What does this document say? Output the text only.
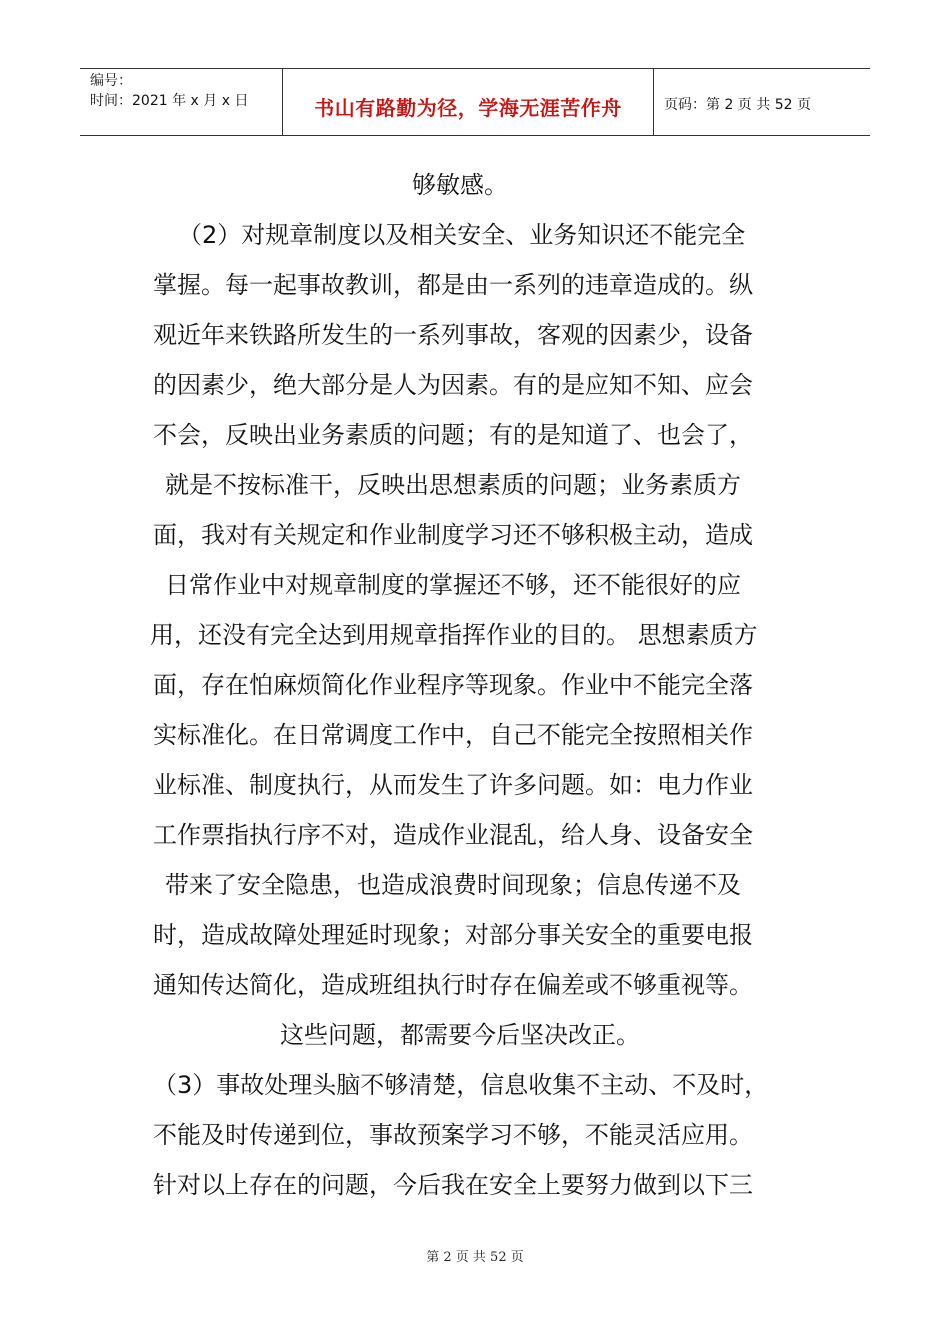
编号：
时间：2021 年 x 月 x 日	书山有路勤为径，学海无涯苦作舟	页码：第 2 页 共 52 页
够敏感。
（2）对规章制度以及相关安全、业务知识还不能完全
掌握。每一起事故教训，都是由一系列的违章造成的。纵
观近年来铁路所发生的一系列事故，客观的因素少，设备
的因素少，绝大部分是人为因素。有的是应知不知、应会
不会，反映出业务素质的问题；有的是知道了、也会了，
就是不按标准干，反映出思想素质的问题；业务素质方
面，我对有关规定和作业制度学习还不够积极主动，造成
日常作业中对规章制度的掌握还不够，还不能很好的应
用，还没有完全达到用规章指挥作业的目的。 思想素质方
面，存在怕麻烦简化作业程序等现象。作业中不能完全落
实标准化。在日常调度工作中，自己不能完全按照相关作
业标准、制度执行，从而发生了许多问题。如：电力作业
工作票指执行序不对，造成作业混乱，给人身、设备安全
带来了安全隐患，也造成浪费时间现象；信息传递不及
时，造成故障处理延时现象；对部分事关安全的重要电报
通知传达简化，造成班组执行时存在偏差或不够重视等。
这些问题，都需要今后坚决改正。
（3）事故处理头脑不够清楚，信息收集不主动、不及时，
不能及时传递到位，事故预案学习不够，不能灵活应用。
针对以上存在的问题，今后我在安全上要努力做到以下三
第 2 页 共 52 页
